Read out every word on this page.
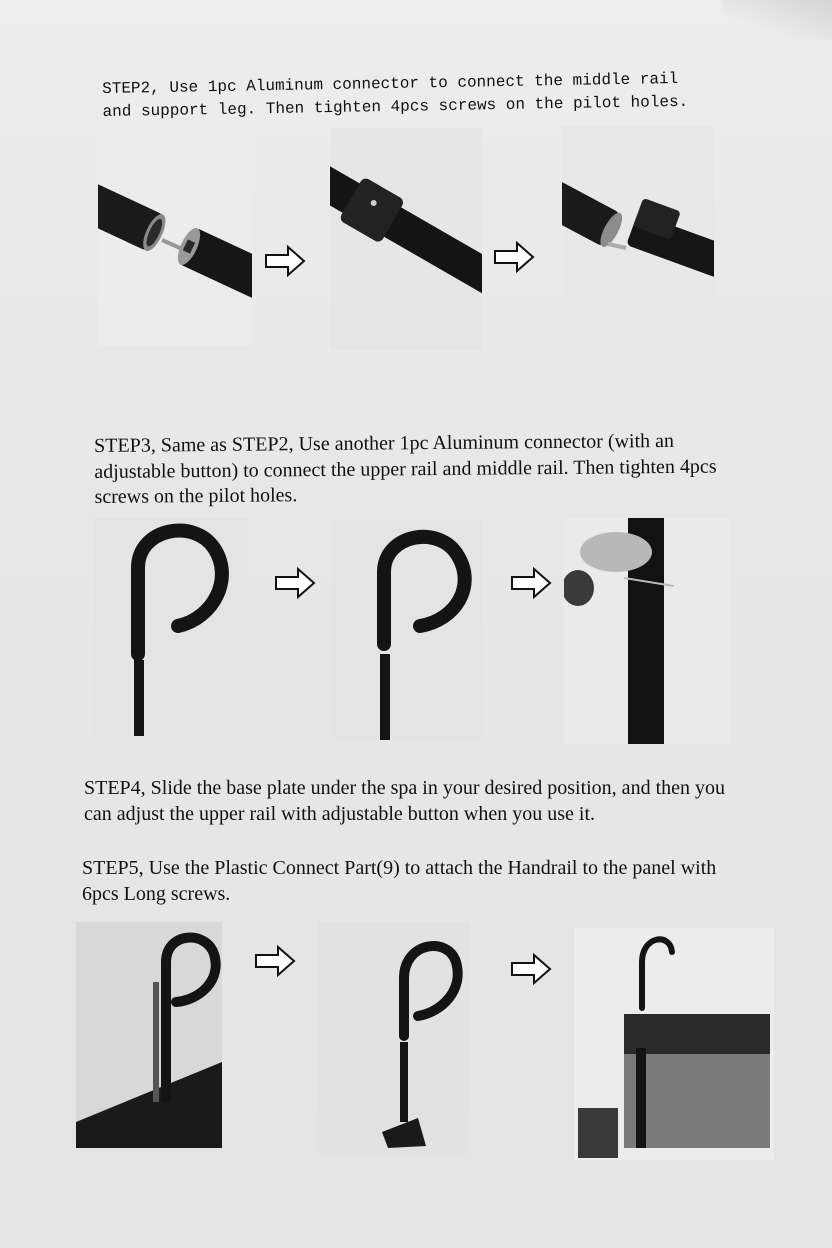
STEP2, Use 1pc Aluminum connector to connect the middle rail and support leg. Then tighten 4pcs screws on the pilot holes.

STEP3, Same as STEP2, Use another 1pc Aluminum connector (with an adjustable button) to connect the upper rail and middle rail. Then tighten 4pcs screws on the pilot holes.

STEP4, Slide the base plate under the spa in your desired position, and then you can adjust the upper rail with adjustable button when you use it.

STEP5, Use the Plastic Connect Part(9) to attach the Handrail to the panel with 6pcs Long screws.
